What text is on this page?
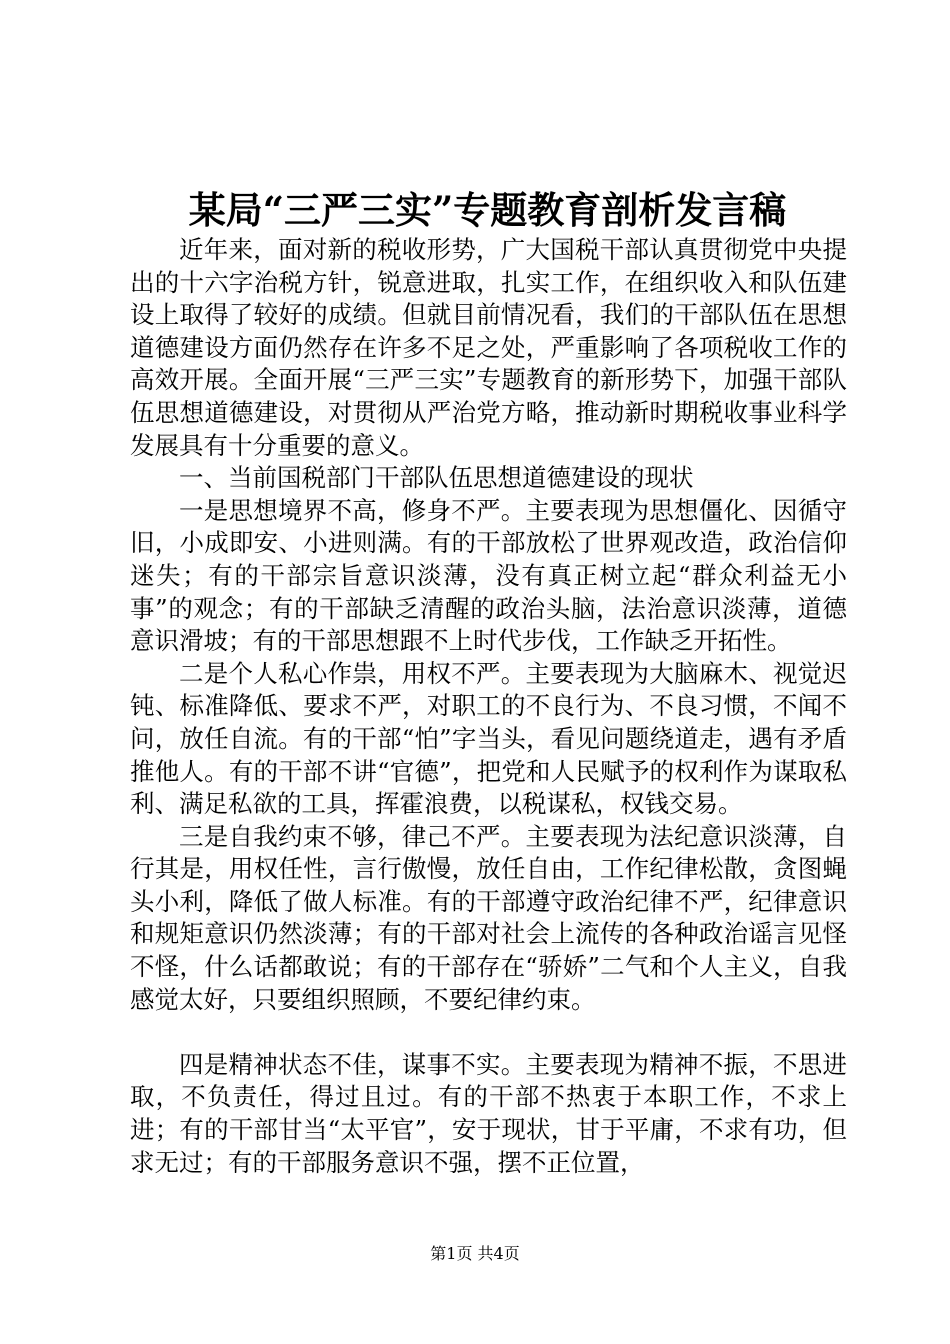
某局“三严三实”专题教育剖析发言稿

近年来，面对新的税收形势，广大国税干部认真贯彻党中央提出的十六字治税方针，锐意进取，扎实工作，在组织收入和队伍建设上取得了较好的成绩。但就目前情况看，我们的干部队伍在思想道德建设方面仍然存在许多不足之处，严重影响了各项税收工作的高效开展。全面开展“三严三实”专题教育的新形势下，加强干部队伍思想道德建设，对贯彻从严治党方略，推动新时期税收事业科学发展具有十分重要的意义。

一、当前国税部门干部队伍思想道德建设的现状

一是思想境界不高，修身不严。主要表现为思想僵化、因循守旧，小成即安、小进则满。有的干部放松了世界观改造，政治信仰迷失；有的干部宗旨意识淡薄，没有真正树立起“群众利益无小事”的观念；有的干部缺乏清醒的政治头脑，法治意识淡薄，道德意识滑坡；有的干部思想跟不上时代步伐，工作缺乏开拓性。

二是个人私心作祟，用权不严。主要表现为大脑麻木、视觉迟钝、标准降低、要求不严，对职工的不良行为、不良习惯，不闻不问，放任自流。有的干部“怕”字当头，看见问题绕道走，遇有矛盾推他人。有的干部不讲“官德”，把党和人民赋予的权利作为谋取私利、满足私欲的工具，挥霍浪费，以税谋私，权钱交易。

三是自我约束不够，律己不严。主要表现为法纪意识淡薄，自行其是，用权任性，言行傲慢，放任自由，工作纪律松散，贪图蝇头小利，降低了做人标准。有的干部遵守政治纪律不严，纪律意识和规矩意识仍然淡薄；有的干部对社会上流传的各种政治谣言见怪不怪，什么话都敢说；有的干部存在“骄娇”二气和个人主义，自我感觉太好，只要组织照顾，不要纪律约束。

四是精神状态不佳，谋事不实。主要表现为精神不振，不思进取，不负责任，得过且过。有的干部不热衷于本职工作，不求上进；有的干部甘当“太平官”，安于现状，甘于平庸，不求有功，但求无过；有的干部服务意识不强，摆不正位置，

第1页 共4页
